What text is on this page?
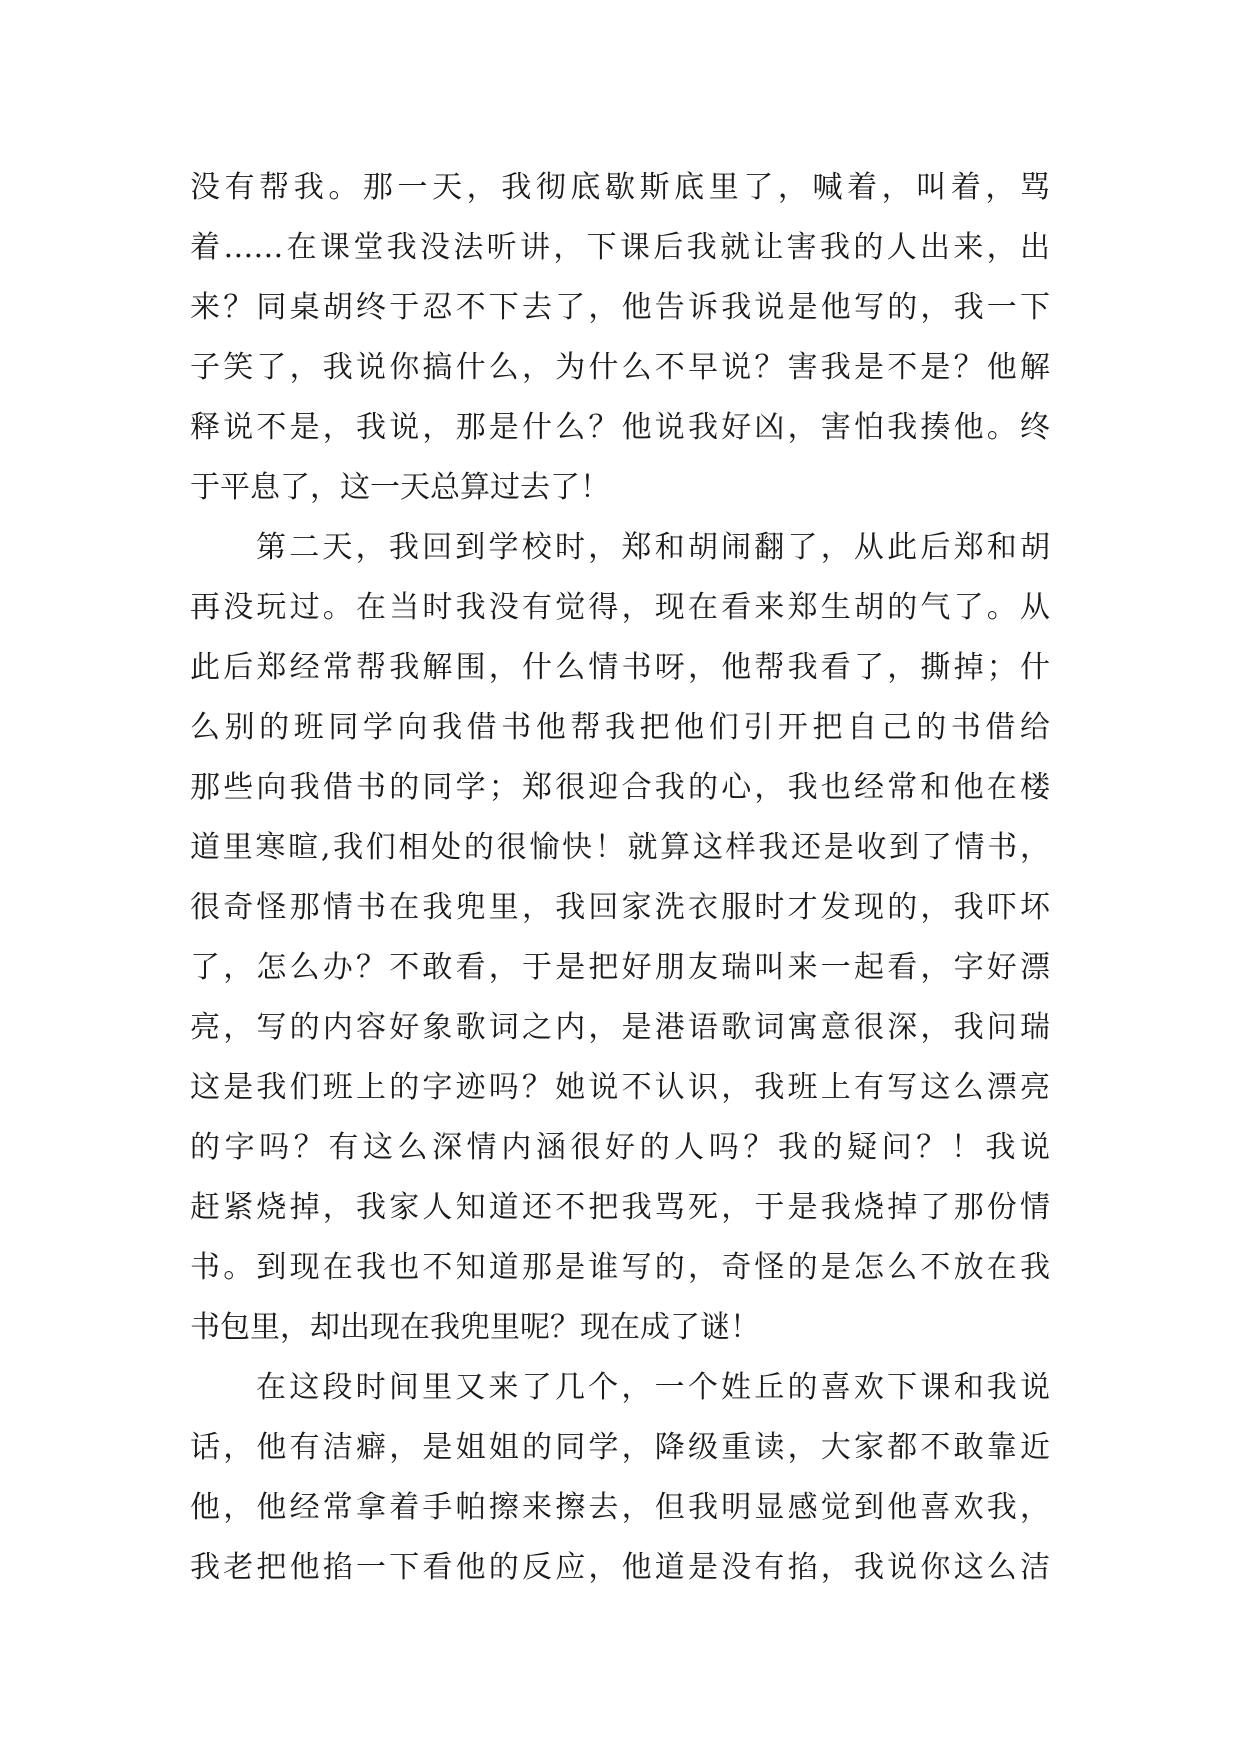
没有帮我。那一天，我彻底歇斯底里了，喊着，叫着，骂
着……在课堂我没法听讲，下课后我就让害我的人出来，出
来？同桌胡终于忍不下去了，他告诉我说是他写的，我一下
子笑了，我说你搞什么，为什么不早说？害我是不是？他解
释说不是，我说，那是什么？他说我好凶，害怕我揍他。终
于平息了，这一天总算过去了！
第二天，我回到学校时，郑和胡闹翻了，从此后郑和胡
再没玩过。在当时我没有觉得，现在看来郑生胡的气了。从
此后郑经常帮我解围，什么情书呀，他帮我看了，撕掉；什
么别的班同学向我借书他帮我把他们引开把自己的书借给
那些向我借书的同学；郑很迎合我的心，我也经常和他在楼
道里寒暄,我们相处的很愉快！就算这样我还是收到了情书，
很奇怪那情书在我兜里，我回家洗衣服时才发现的，我吓坏
了，怎么办？不敢看，于是把好朋友瑞叫来一起看，字好漂
亮，写的内容好象歌词之内，是港语歌词寓意很深，我问瑞
这是我们班上的字迹吗？她说不认识，我班上有写这么漂亮
的字吗？有这么深情内涵很好的人吗？我的疑问？！我说
赶紧烧掉，我家人知道还不把我骂死，于是我烧掉了那份情
书。到现在我也不知道那是谁写的，奇怪的是怎么不放在我
书包里，却出现在我兜里呢？现在成了谜！
在这段时间里又来了几个，一个姓丘的喜欢下课和我说
话，他有洁癖，是姐姐的同学，降级重读，大家都不敢靠近
他，他经常拿着手帕擦来擦去，但我明显感觉到他喜欢我，
我老把他掐一下看他的反应，他道是没有掐，我说你这么洁
